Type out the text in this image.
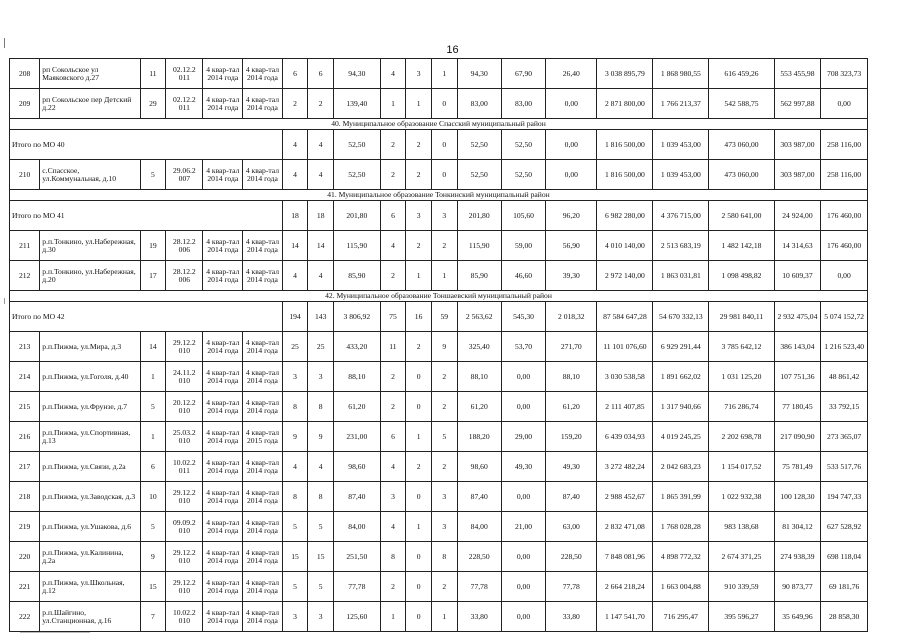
16
208	рп Сокольское ул Маяковского д.27	11	02.12.2 011	4 квар-тал 2014 года	4 квар-тал 2014 года	6	6	94,30	4	3	1	94,30	67,90	26,40	3 038 895,79	1 868 980,55	616 459,26	553 455,98	708 323,73
209	рп Сокольское пер Детский д.22	29	02.12.2 011	4 квар-тал 2014 года	4 квар-тал 2014 года	2	2	139,40	1	1	0	83,00	83,00	0,00	2 871 800,00	1 766 213,37	542 588,75	562 997,88	0,00
40. Муниципальное образование Спасский муниципальный район																			
Итого по МО 40						4	4	52,50	2	2	0	52,50	52,50	0,00	1 816 500,00	1 039 453,00	473 060,00	303 987,00	258 116,00
210	с.Спасское, ул.Коммунальная, д.10	5	29.06.2 007	4 квар-тал 2014 года	4 квар-тал 2014 года	4	4	52,50	2	2	0	52,50	52,50	0,00	1 816 500,00	1 039 453,00	473 060,00	303 987,00	258 116,00
41. Муниципальное образование Тонкинский муниципальный район																			
Итого по МО 41						18	18	201,80	6	3	3	201,80	105,60	96,20	6 982 280,00	4 376 715,00	2 580 641,00	24 924,00	176 460,00
211	р.п.Тонкино, ул.Набережная, д.30	19	28.12.2 006	4 квар-тал 2014 года	4 квар-тал 2014 года	14	14	115,90	4	2	2	115,90	59,00	56,90	4 010 140,00	2 513 683,19	1 482 142,18	14 314,63	176 460,00
212	р.п.Тонкино, ул.Набережная, д.20	17	28.12.2 006	4 квар-тал 2014 года	4 квар-тал 2014 года	4	4	85,90	2	1	1	85,90	46,60	39,30	2 972 140,00	1 863 031,81	1 098 498,82	10 609,37	0,00
42. Муниципальное образование Тоншаевский муниципальный район																			
Итого по МО 42						194	143	3 806,92	75	16	59	2 563,62	545,30	2 018,32	87 584 647,28	54 670 332,13	29 981 840,11	2 932 475,04	5 074 152,72
213	р.п.Пижма, ул.Мира, д.3	14	29.12.2 010	4 квар-тал 2014 года	4 квар-тал 2014 года	25	25	433,20	11	2	9	325,40	53,70	271,70	11 101 076,60	6 929 291,44	3 785 642,12	386 143,04	1 216 523,40
214	р.п.Пижма, ул.Гоголя, д.40	1	24.11.2 010	4 квар-тал 2014 года	4 квар-тал 2014 года	3	3	88,10	2	0	2	88,10	0,00	88,10	3 030 538,58	1 891 662,02	1 031 125,20	107 751,36	48 861,42
215	р.п.Пижма, ул.Фрунзе, д.7	5	20.12.2 010	4 квар-тал 2014 года	4 квар-тал 2014 года	8	8	61,20	2	0	2	61,20	0,00	61,20	2 111 407,85	1 317 940,66	716 286,74	77 180,45	33 792,15
216	р.п.Пижма, ул.Спортивная, д.13	1	25.03.2 010	4 квар-тал 2014 года	4 квар-тал 2015 года	9	9	231,00	6	1	5	188,20	29,00	159,20	6 439 034,93	4 019 245,25	2 202 698,78	217 090,90	273 365,07
217	р.п.Пижма, ул.Связи, д.2а	6	10.02.2 011	4 квар-тал 2014 года	4 квар-тал 2014 года	4	4	98,60	4	2	2	98,60	49,30	49,30	3 272 482,24	2 042 683,23	1 154 017,52	75 781,49	533 517,76
218	р.п.Пижма, ул.Заводская, д.3	10	29.12.2 010	4 квар-тал 2014 года	4 квар-тал 2014 года	8	8	87,40	3	0	3	87,40	0,00	87,40	2 988 452,67	1 865 391,99	1 022 932,38	100 128,30	194 747,33
219	р.п.Пижма, ул.Ушакова, д.6	5	09.09.2 010	4 квар-тал 2014 года	4 квар-тал 2014 года	5	5	84,00	4	1	3	84,00	21,00	63,00	2 832 471,08	1 768 028,28	983 138,68	81 304,12	627 528,92
220	р.п.Пижма, ул.Калинина, д.2а	9	29.12.2 010	4 квар-тал 2014 года	4 квар-тал 2014 года	15	15	251,50	8	0	8	228,50	0,00	228,50	7 848 081,96	4 898 772,32	2 674 371,25	274 938,39	698 118,04
221	р.п.Пижма, ул.Школьная, д.12	15	29.12.2 010	4 квар-тал 2014 года	4 квар-тал 2014 года	5	5	77,78	2	0	2	77,78	0,00	77,78	2 664 218,24	1 663 004,88	910 339,59	90 873,77	69 181,76
222	р.п.Шайгино, ул.Станционная, д.16	7	10.02.2 010	4 квар-тал 2014 года	4 квар-тал 2014 года	3	3	125,60	1	0	1	33,80	0,00	33,80	1 147 541,70	716 295,47	395 596,27	35 649,96	28 858,30
